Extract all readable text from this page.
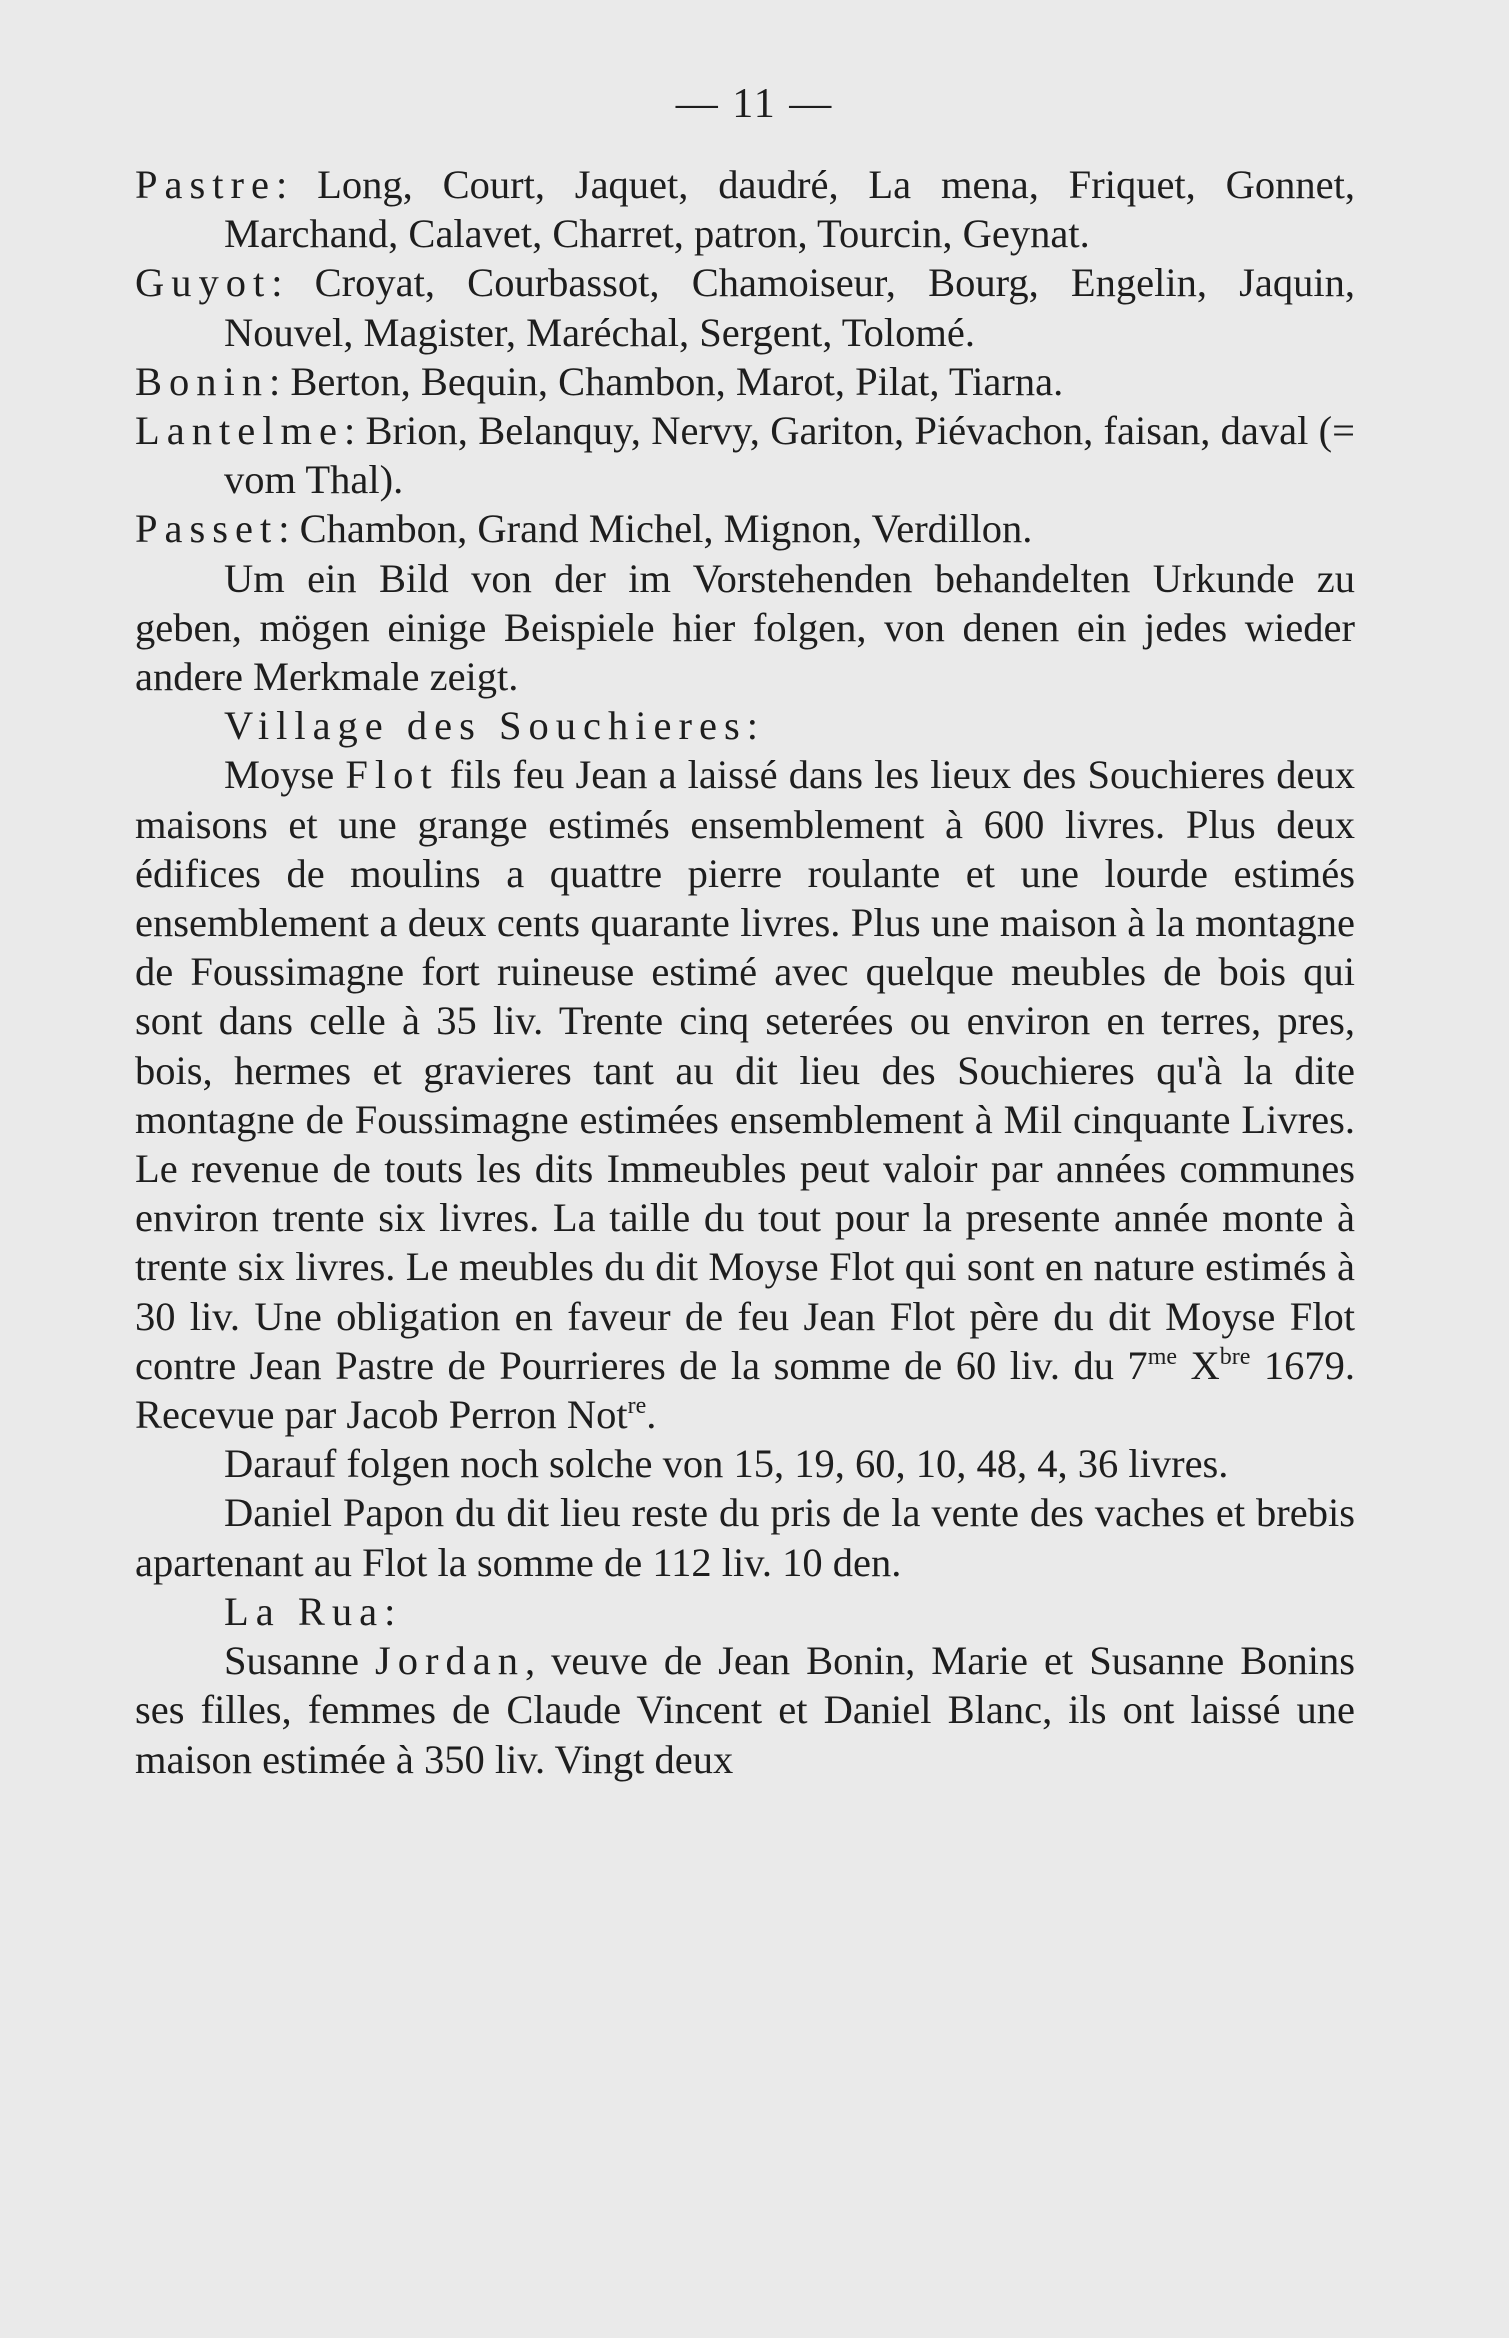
— 11 —
Pastre: Long, Court, Jaquet, daudré, La mena, Friquet, Gonnet, Marchand, Calavet, Charret, patron, Tourcin, Geynat.
Guyot: Croyat, Courbassot, Chamoiseur, Bourg, Engelin, Jaquin, Nouvel, Magister, Maréchal, Sergent, Tolomé.
Bonin: Berton, Bequin, Chambon, Marot, Pilat, Tiarna.
Lantelme: Brion, Belanquy, Nervy, Gariton, Piévachon, faisan, daval (= vom Thal).
Passet: Chambon, Grand Michel, Mignon, Verdillon.
Um ein Bild von der im Vorstehenden behandelten Urkunde zu geben, mögen einige Beispiele hier folgen, von denen ein jedes wieder andere Merkmale zeigt.
Village des Souchieres:
Moyse Flot fils feu Jean a laissé dans les lieux des Souchieres deux maisons et une grange estimés ensemblement à 600 livres. Plus deux édifices de moulins a quattre pierre roulante et une lourde estimés ensemblement a deux cents quarante livres. Plus une maison à la montagne de Foussimagne fort ruineuse estimé avec quelque meubles de bois qui sont dans celle à 35 liv. Trente cinq seterées ou environ en terres, pres, bois, hermes et gravieres tant au dit lieu des Souchieres qu'à la dite montagne de Foussimagne estimées ensemblement à Mil cinquante Livres. Le revenue de touts les dits Immeubles peut valoir par années communes environ trente six livres. La taille du tout pour la presente année monte à trente six livres. Le meubles du dit Moyse Flot qui sont en nature estimés à 30 liv. Une obligation en faveur de feu Jean Flot père du dit Moyse Flot contre Jean Pastre de Pourrieres de la somme de 60 liv. du $7^{me}$ $X^{bre}$ 1679. Recevue par Jacob Perron Not$^{re}$.
Darauf folgen noch solche von 15, 19, 60, 10, 48, 4, 36 livres.
Daniel Papon du dit lieu reste du pris de la vente des vaches et brebis apartenant au Flot la somme de 112 liv. 10 den.
La Rua:
Susanne Jordan, veuve de Jean Bonin, Marie et Susanne Bonins ses filles, femmes de Claude Vincent et Daniel Blanc, ils ont laissé une maison estimée à 350 liv. Vingt deux
